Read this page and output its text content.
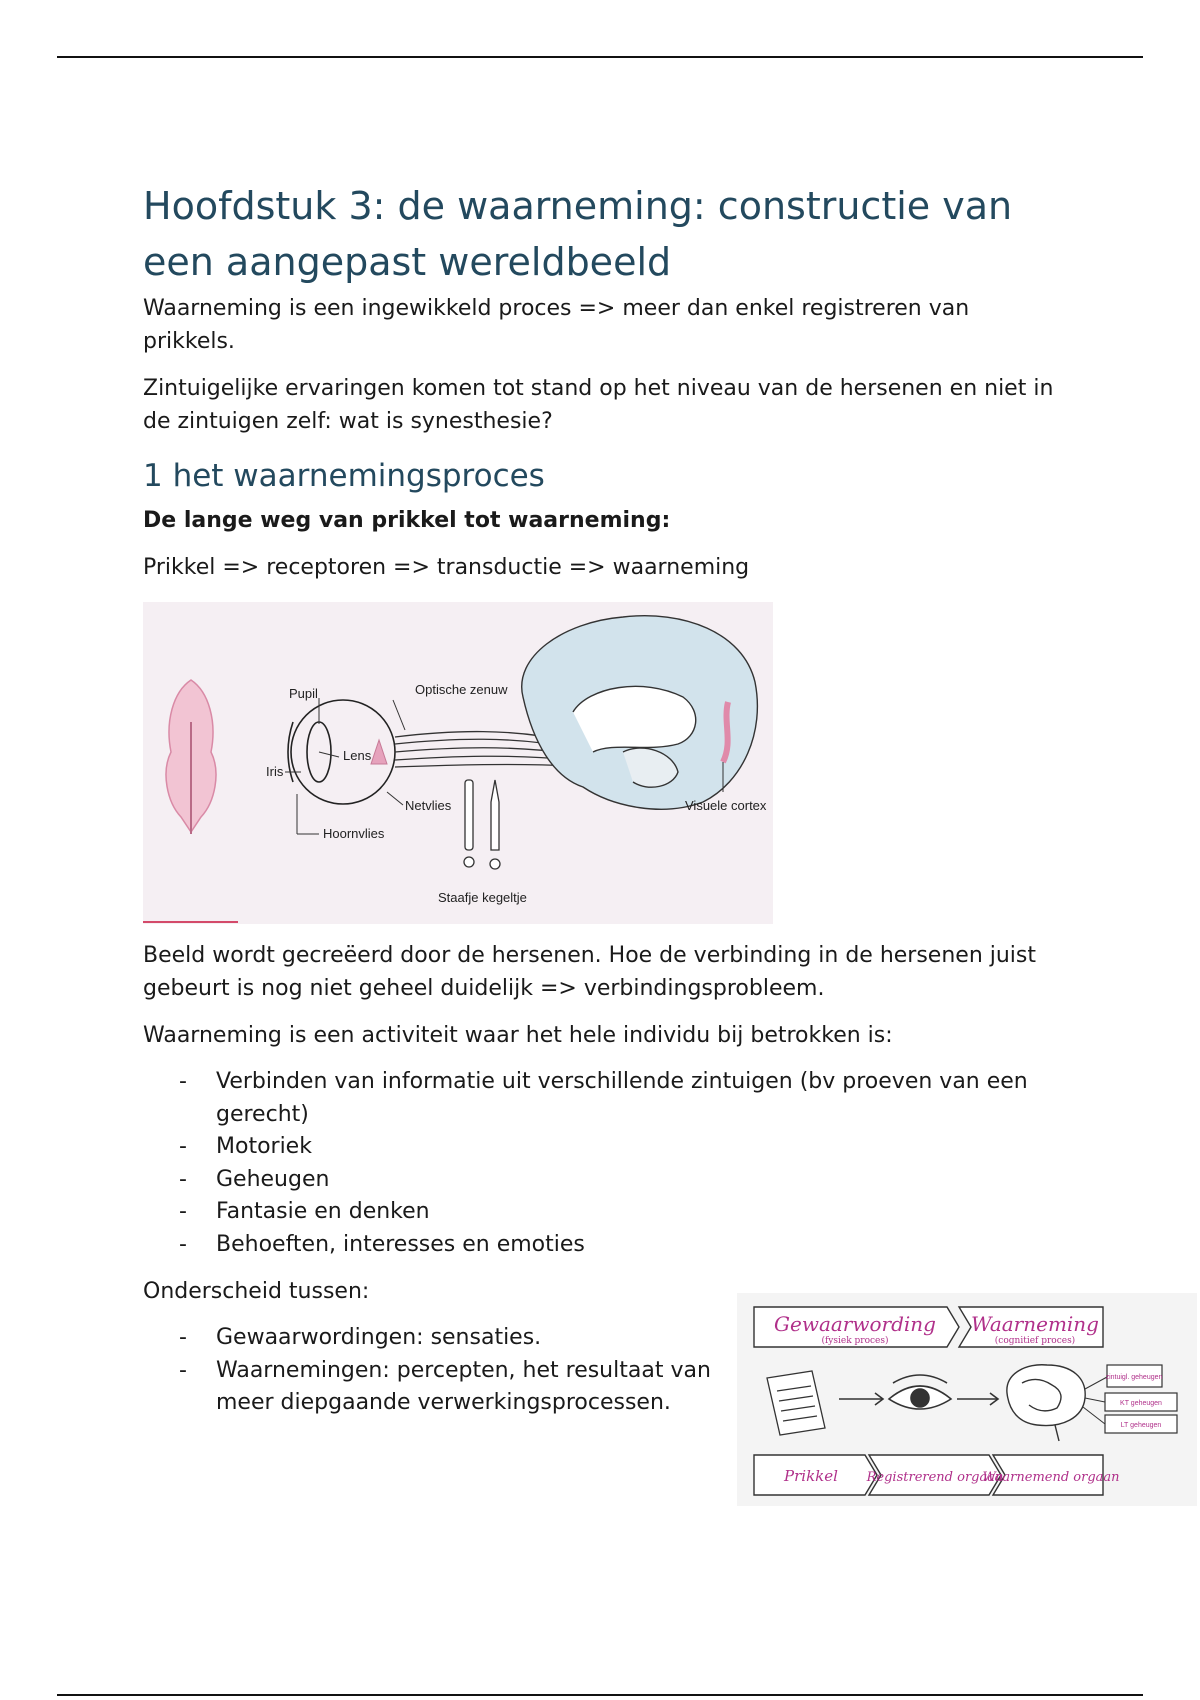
Hoofdstuk 3: de waarneming: constructie van een aangepast wereldbeeld

Waarneming is een ingewikkeld proces => meer dan enkel registreren van prikkels.

Zintuigelijke ervaringen komen tot stand op het niveau van de hersenen en niet in de zintuigen zelf: wat is synesthesie?

1 het waarnemingsproces

De lange weg van prikkel tot waarneming:

Prikkel => receptoren => transductie => waarneming

Pupil
Iris
Lens
Optische zenuw
Netvlies
Hoornvlies
Staafje kegeltje
Visuele cortex

Beeld wordt gecreëerd door de hersenen. Hoe de verbinding in de hersenen juist gebeurt is nog niet geheel duidelijk => verbindingsprobleem.

Waarneming is een activiteit waar het hele individu bij betrokken is:

- Verbinden van informatie uit verschillende zintuigen (bv proeven van een gerecht)
- Motoriek
- Geheugen
- Fantasie en denken
- Behoeften, interesses en emoties

Onderscheid tussen:

- Gewaarwordingen: sensaties.
- Waarnemingen: percepten, het resultaat van meer diepgaande verwerkingsprocessen.
Gewaarwording
(fysiek proces)
Waarneming
(cognitief proces)
Prikkel Registrerend orgaan
Waarnemend orgaan
zintuigl. geheugen
KT geheugen
LT geheugen
